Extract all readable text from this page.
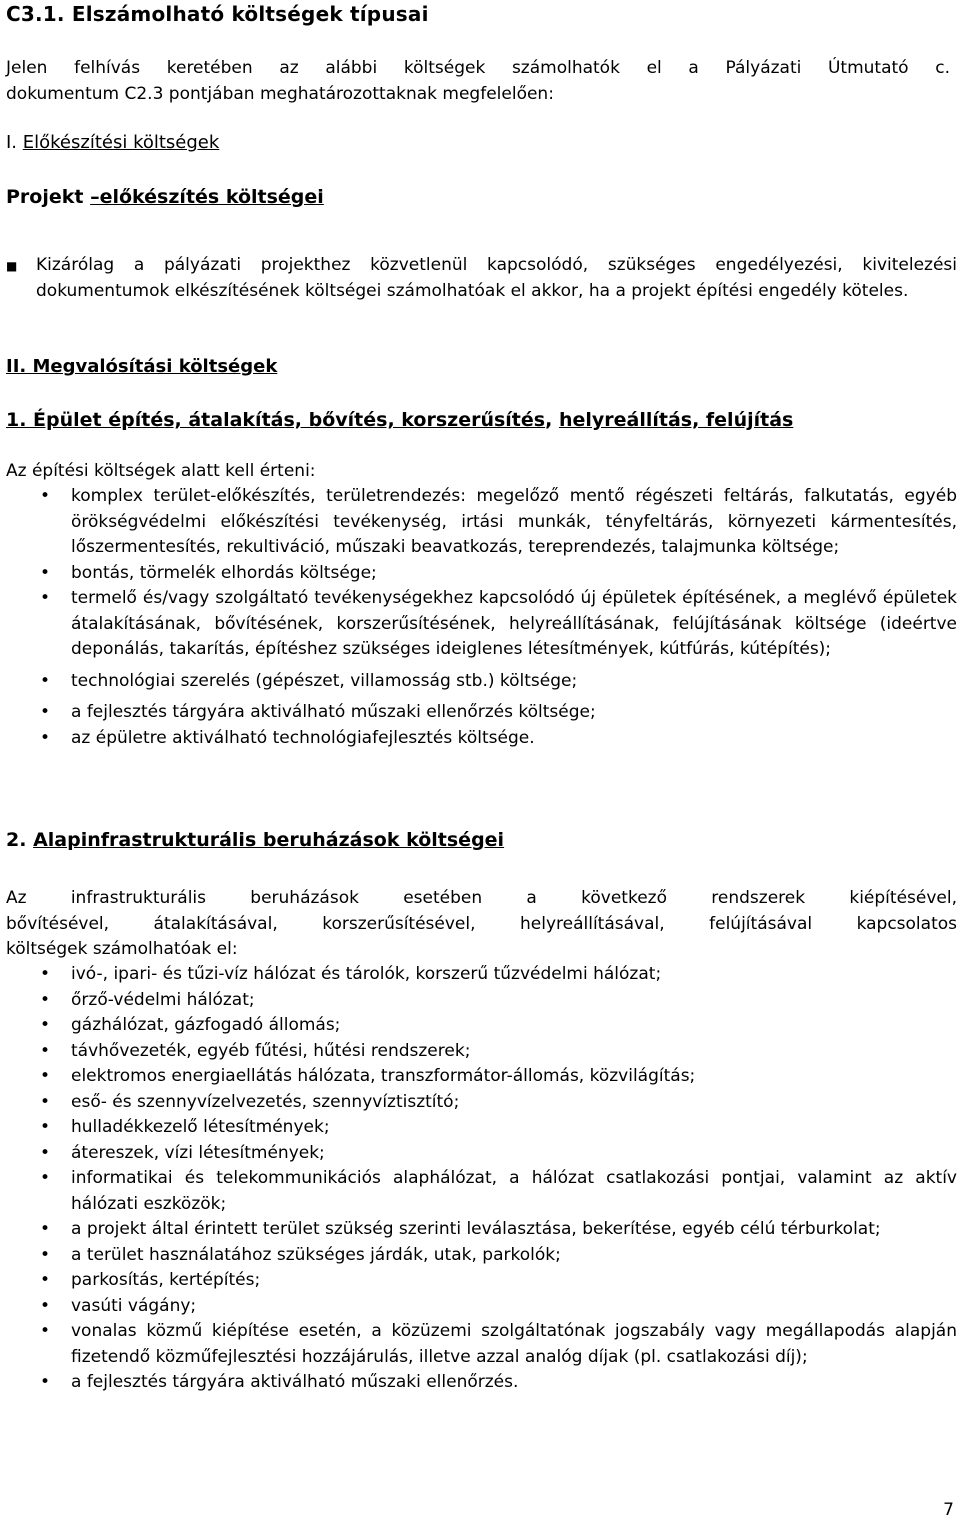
C3.1. Elszámolható költségek típusai
Jelen felhívás keretében az alábbi költségek számolhatók el a Pályázati Útmutató c.
dokumentum C2.3 pontjában meghatározottaknak megfelelően:
I. Előkészítési költségek
Projekt –előkészítés költségei
■ Kizárólag a pályázati projekthez közvetlenül kapcsolódó, szükséges engedélyezési, kivitelezési dokumentumok elkészítésének költségei számolhatóak el akkor, ha a projekt építési engedély köteles.
II. Megvalósítási költségek
1. Épület építés, átalakítás, bővítés, korszerűsítés, helyreállítás, felújítás
Az építési költségek alatt kell érteni:
• komplex terület-előkészítés, területrendezés: megelőző mentő régészeti feltárás, falkutatás, egyéb örökségvédelmi előkészítési tevékenység, irtási munkák, tényfeltárás, környezeti kármentesítés, lőszermentesítés, rekultiváció, műszaki beavatkozás, tereprendezés, talajmunka költsége;
• bontás, törmelék elhordás költsége;
• termelő és/vagy szolgáltató tevékenységekhez kapcsolódó új épületek építésének, a meglévő épületek átalakításának, bővítésének, korszerűsítésének, helyreállításának, felújításának költsége (ideértve deponálás, takarítás, építéshez szükséges ideiglenes létesítmények, kútfúrás, kútépítés);
• technológiai szerelés (gépészet, villamosság stb.) költsége;
• a fejlesztés tárgyára aktiválható műszaki ellenőrzés költsége;
• az épületre aktiválható technológiafejlesztés költsége.
2. Alapinfrastrukturális beruházások költségei
Az infrastrukturális beruházások esetében a következő rendszerek kiépítésével,
bővítésével, átalakításával, korszerűsítésével, helyreállításával, felújításával kapcsolatos
költségek számolhatóak el:
• ivó-, ipari- és tűzi-víz hálózat és tárolók, korszerű tűzvédelmi hálózat;
• őrző-védelmi hálózat;
• gázhálózat, gázfogadó állomás;
• távhővezeték, egyéb fűtési, hűtési rendszerek;
• elektromos energiaellátás hálózata, transzformátor-állomás, közvilágítás;
• eső- és szennyvízelvezetés, szennyvíztisztító;
• hulladékkezelő létesítmények;
• átereszek, vízi létesítmények;
• informatikai és telekommunikációs alaphálózat, a hálózat csatlakozási pontjai, valamint az aktív hálózati eszközök;
• a projekt által érintett terület szükség szerinti leválasztása, bekerítése, egyéb célú térburkolat;
• a terület használatához szükséges járdák, utak, parkolók;
• parkosítás, kertépítés;
• vasúti vágány;
• vonalas közmű kiépítése esetén, a közüzemi szolgáltatónak jogszabály vagy megállapodás alapján fizetendő közműfejlesztési hozzájárulás, illetve azzal analóg díjak (pl. csatlakozási díj);
• a fejlesztés tárgyára aktiválható műszaki ellenőrzés.
7
